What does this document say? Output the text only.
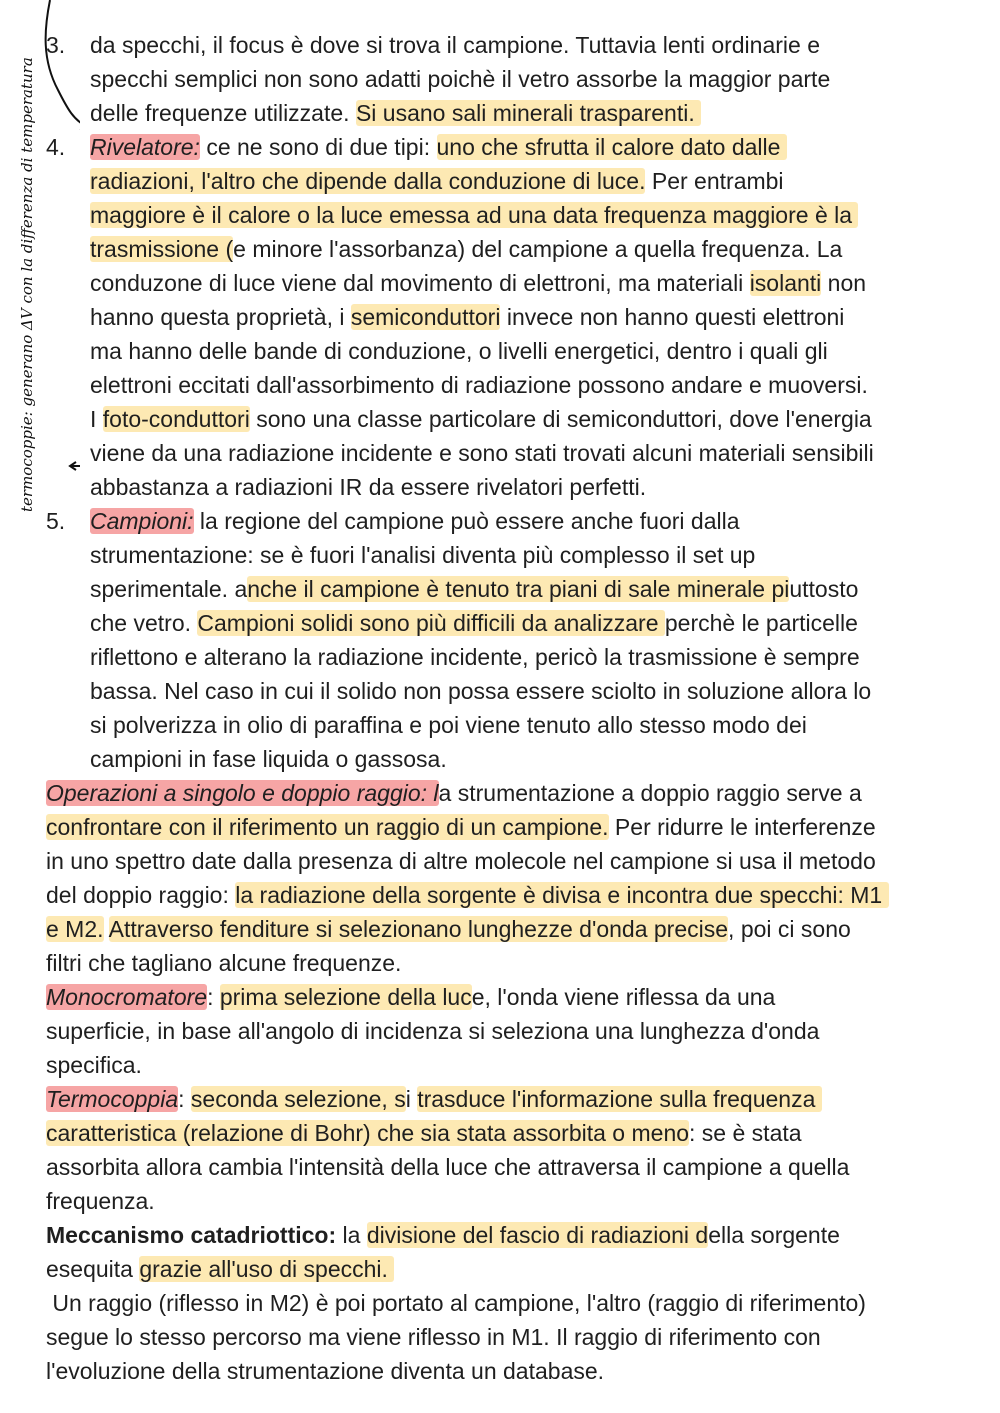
termocoppie: generano ΔV con la differenza di temperatura
3. da specchi, il focus è dove si trova il campione. Tuttavia lenti ordinarie e
specchi semplici non sono adatti poichè il vetro assorbe la maggior parte
delle frequenze utilizzate. Si usano sali minerali trasparenti.
4. Rivelatore: ce ne sono di due tipi: uno che sfrutta il calore dato dalle
radiazioni, l'altro che dipende dalla conduzione di luce. Per entrambi
maggiore è il calore o la luce emessa ad una data frequenza maggiore è la
trasmissione (e minore l'assorbanza) del campione a quella frequenza. La
conduzone di luce viene dal movimento di elettroni, ma materiali isolanti non
hanno questa proprietà, i semiconduttori invece non hanno questi elettroni
ma hanno delle bande di conduzione, o livelli energetici, dentro i quali gli
elettroni eccitati dall'assorbimento di radiazione possono andare e muoversi.
I foto-conduttori sono una classe particolare di semiconduttori, dove l'energia
viene da una radiazione incidente e sono stati trovati alcuni materiali sensibili
abbastanza a radiazioni IR da essere rivelatori perfetti.
5. Campioni: la regione del campione può essere anche fuori dalla
strumentazione: se è fuori l'analisi diventa più complesso il set up
sperimentale. anche il campione è tenuto tra piani di sale minerale piuttosto
che vetro. Campioni solidi sono più difficili da analizzare perchè le particelle
riflettono e alterano la radiazione incidente, pericò la trasmissione è sempre
bassa. Nel caso in cui il solido non possa essere sciolto in soluzione allora lo
si polverizza in olio di paraffina e poi viene tenuto allo stesso modo dei
campioni in fase liquida o gassosa.
Operazioni a singolo e doppio raggio: la strumentazione a doppio raggio serve a
confrontare con il riferimento un raggio di un campione. Per ridurre le interferenze
in uno spettro date dalla presenza di altre molecole nel campione si usa il metodo
del doppio raggio: la radiazione della sorgente è divisa e incontra due specchi: M1
e M2. Attraverso fenditure si selezionano lunghezze d'onda precise, poi ci sono
filtri che tagliano alcune frequenze.
Monocromatore: prima selezione della luce, l'onda viene riflessa da una
superficie, in base all'angolo di incidenza si seleziona una lunghezza d'onda
specifica.
Termocoppia: seconda selezione, si trasduce l'informazione sulla frequenza
caratteristica (relazione di Bohr) che sia stata assorbita o meno: se è stata
assorbita allora cambia l'intensità della luce che attraversa il campione a quella
frequenza.
Meccanismo catadriottico: la divisione del fascio di radiazioni della sorgente
esequita grazie all'uso di specchi.
Un raggio (riflesso in M2) è poi portato al campione, l'altro (raggio di riferimento)
segue lo stesso percorso ma viene riflesso in M1. Il raggio di riferimento con
l'evoluzione della strumentazione diventa un database.
